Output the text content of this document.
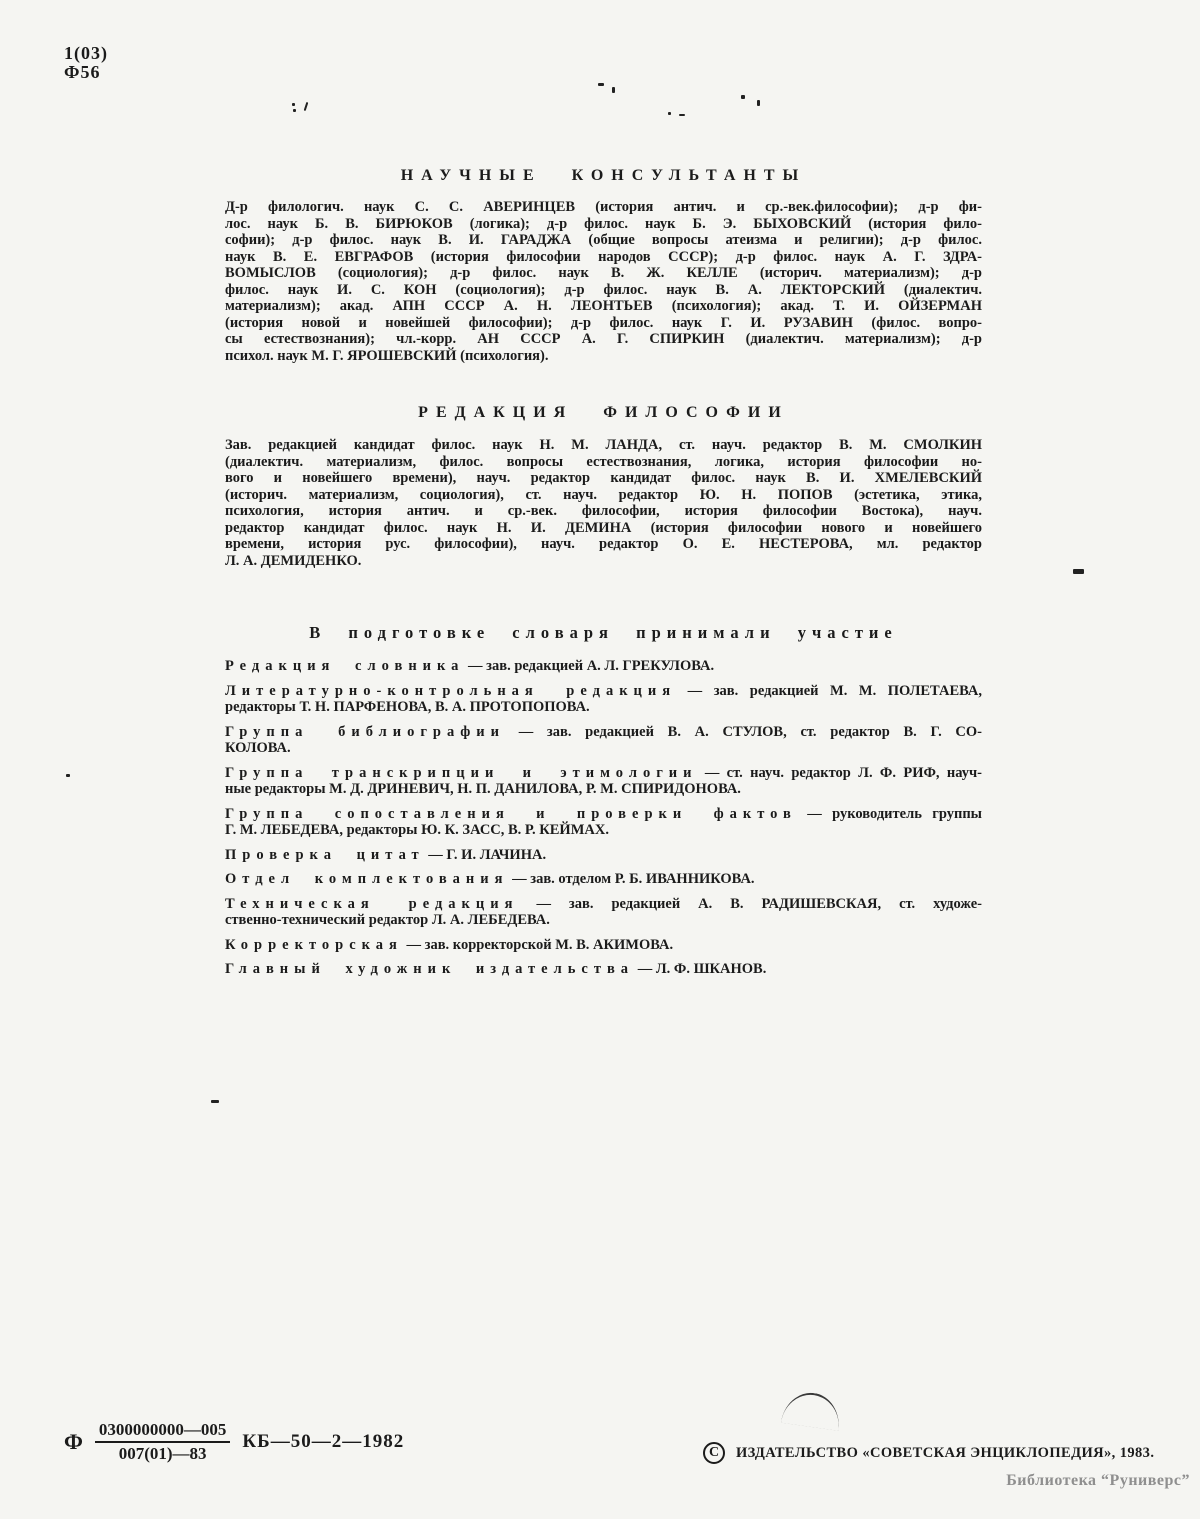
1(03)
Ф56
НАУЧНЫЕ КОНСУЛЬТАНТЫ
Д-р филологич. наук С. С. АВЕРИНЦЕВ (история антич. и ср.-век.философии); д-р фи-
лос. наук Б. В. БИРЮКОВ (логика); д-р филос. наук Б. Э. БЫХОВСКИЙ (история фило-
софии); д-р филос. наук В. И. ГАРАДЖА (общие вопросы атеизма и религии); д-р филос.
наук В. Е. ЕВГРАФОВ (история философии народов СССР); д-р филос. наук А. Г. ЗДРА-
ВОМЫСЛОВ (социология); д-р филос. наук В. Ж. КЕЛЛЕ (историч. материализм); д-р
филос. наук И. С. КОН (социология); д-р филос. наук В. А. ЛЕКТОРСКИЙ (диалектич.
материализм); акад. АПН СССР А. Н. ЛЕОНТЬЕВ (психология); акад. Т. И. ОЙЗЕРМАН
(история новой и новейшей философии); д-р филос. наук Г. И. РУЗАВИН (филос. вопро-
сы естествознания); чл.-корр. АН СССР А. Г. СПИРКИН (диалектич. материализм); д-р
психол. наук М. Г. ЯРОШЕВСКИЙ (психология).
РЕДАКЦИЯ ФИЛОСОФИИ
Зав. редакцией кандидат филос. наук Н. М. ЛАНДА, ст. науч. редактор В. М. СМОЛКИН
(диалектич. материализм, филос. вопросы естествознания, логика, история философии но-
вого и новейшего времени), науч. редактор кандидат филос. наук В. И. ХМЕЛЕВСКИЙ
(историч. материализм, социология), ст. науч. редактор Ю. Н. ПОПОВ (эстетика, этика,
психология, история антич. и ср.-век. философии, история философии Востока), науч.
редактор кандидат филос. наук Н. И. ДЕМИНА (история философии нового и новейшего
времени, история рус. философии), науч. редактор О. Е. НЕСТЕРОВА, мл. редактор
Л. А. ДЕМИДЕНКО.
В подготовке словаря принимали участие
Редакция словника — зав. редакцией А. Л. ГРЕКУЛОВА.
Литературно-контрольная редакция — зав. редакцией М. М. ПОЛЕТАЕВА,
редакторы Т. Н. ПАРФЕНОВА, В. А. ПРОТОПОПОВА.
Группа библиографии — зав. редакцией В. А. СТУЛОВ, ст. редактор В. Г. СО-
КОЛОВА.
Группа транскрипции и этимологии — ст. науч. редактор Л. Ф. РИФ, науч-
ные редакторы М. Д. ДРИНЕВИЧ, Н. П. ДАНИЛОВА, Р. М. СПИРИДОНОВА.
Группа сопоставления и проверки фактов — руководитель группы
Г. М. ЛЕБЕДЕВА, редакторы Ю. К. ЗАСС, В. Р. КЕЙМАХ.
Проверка цитат — Г. И. ЛАЧИНА.
Отдел комплектования — зав. отделом Р. Б. ИВАННИКОВА.
Техническая редакция — зав. редакцией А. В. РАДИШЕВСКАЯ, ст. художе-
ственно-технический редактор Л. А. ЛЕБЕДЕВА.
Корректорская — зав. корректорской М. В. АКИМОВА.
Главный художник издательства — Л. Ф. ШКАНОВ.
Ф $\frac{0300000000—005}{007(01)—83}$ КБ—50—2—1982
C	ИЗДАТЕЛЬСТВО «СОВЕТСКАЯ ЭНЦИКЛОПЕДИЯ», 1983.
Библиотека “Руниверс”
